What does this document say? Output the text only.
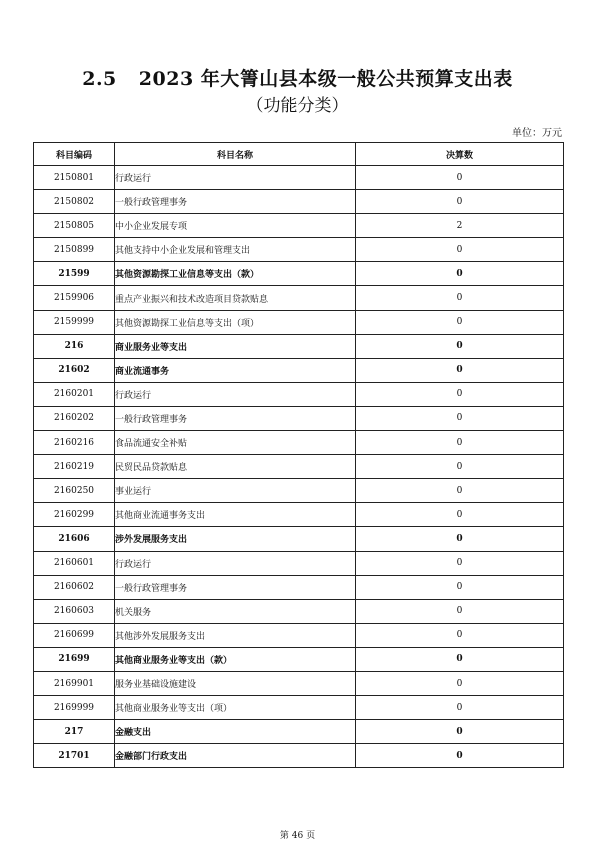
2.5 2023 年大箐山县本级一般公共预算支出表
（功能分类）
单位：万元
科目编码	科目名称	决算数
2150801	行政运行	0
2150802	一般行政管理事务	0
2150805	中小企业发展专项	2
2150899	其他支持中小企业发展和管理支出	0
21599	其他资源勘探工业信息等支出（款）	0
2159906	重点产业振兴和技术改造项目贷款贴息	0
2159999	其他资源勘探工业信息等支出（项）	0
216	商业服务业等支出	0
21602	商业流通事务	0
2160201	行政运行	0
2160202	一般行政管理事务	0
2160216	食品流通安全补贴	0
2160219	民贸民品贷款贴息	0
2160250	事业运行	0
2160299	其他商业流通事务支出	0
21606	涉外发展服务支出	0
2160601	行政运行	0
2160602	一般行政管理事务	0
2160603	机关服务	0
2160699	其他涉外发展服务支出	0
21699	其他商业服务业等支出（款）	0
2169901	服务业基础设施建设	0
2169999	其他商业服务业等支出（项）	0
217	金融支出	0
21701	金融部门行政支出	0
第 46 页
